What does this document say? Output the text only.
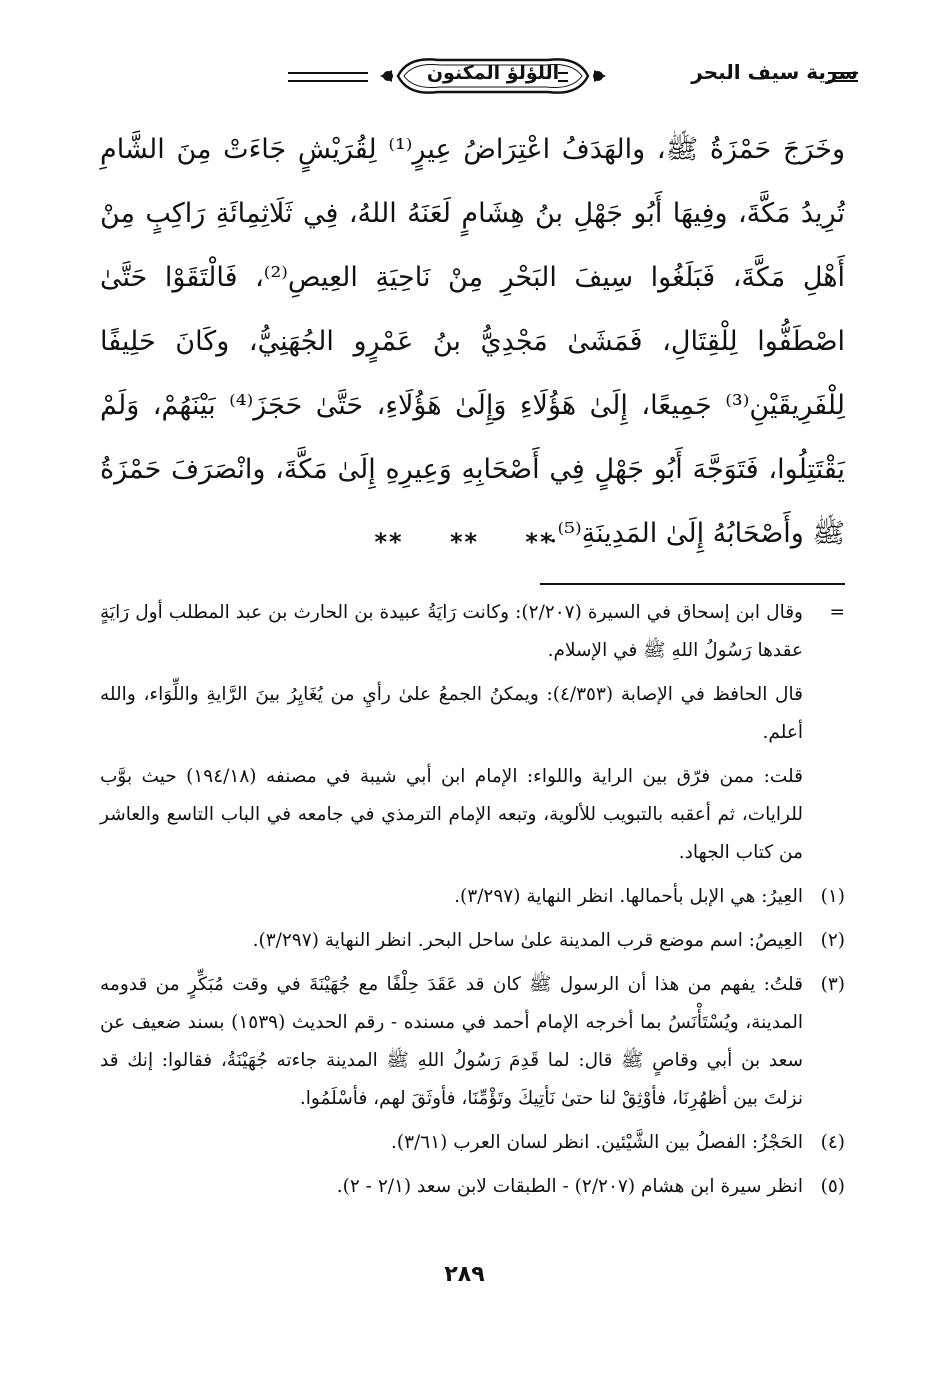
سرية سيف البحر
اللؤلؤ المكنون
وخَرَجَ حَمْزَةُ ﷺ، والهَدَفُ اعْتِرَاضُ عِيرٍ⁽¹⁾ لِقُرَيْشٍ جَاءَتْ مِنَ الشَّامِ تُرِيدُ مَكَّةَ، وفِيهَا أَبُو جَهْلِ بنُ هِشَامٍ لَعَنَهُ اللهُ، فِي ثَلَاثِمِائَةِ رَاكِبٍ مِنْ أَهْلِ مَكَّةَ، فَبَلَغُوا سِيفَ البَحْرِ مِنْ نَاحِيَةِ العِيصِ⁽²⁾، فَالْتَقَوْا حَتَّىٰ اصْطَفُّوا لِلْقِتَالِ، فَمَشَىٰ مَجْدِيُّ بنُ عَمْرٍو الجُهَنِيُّ، وكَانَ حَلِيفًا لِلْفَرِيقَيْنِ⁽³⁾ جَمِيعًا، إِلَىٰ هَؤُلَاءِ وَإِلَىٰ هَؤُلَاءِ، حَتَّىٰ حَجَزَ⁽⁴⁾ بَيْنَهُمْ، وَلَمْ يَقْتَتِلُوا، فَتَوَجَّهَ أَبُو جَهْلٍ فِي أَصْحَابِهِ وَعِيرِهِ إِلَىٰ مَكَّةَ، وانْصَرَفَ حَمْزَةُ ﷺ وأَصْحَابُهُ إِلَىٰ المَدِينَةِ⁽⁵⁾.
** ** **
=
وقال ابن إسحاق في السيرة (٢/٢٠٧): وكانت رَايَةُ عبيدة بن الحارث بن عبد المطلب أول رَايَةٍ عقدها رَسُولُ اللهِ ﷺ في الإسلام.
قال الحافظ في الإصابة (٤/٣٥٣): ويمكنُ الجمعُ علىٰ رأيِ من يُغَايِرُ بينَ الرَّايةِ واللِّوَاء، والله أعلم.
قلت: ممن فرّق بين الراية واللواء: الإمام ابن أبي شيبة في مصنفه (١٩٤/١٨) حيث بوَّب للرايات، ثم أعقبه بالتبويب للألوية، وتبعه الإمام الترمذي في جامعه في الباب التاسع والعاشر من كتاب الجهاد.
(١)
العِيرُ: هي الإبل بأحمالها. انظر النهاية (٣/٢٩٧).
(٢)
العِيصُ: اسم موضع قرب المدينة علىٰ ساحل البحر. انظر النهاية (٣/٢٩٧).
(٣)
قلتُ: يفهم من هذا أن الرسول ﷺ كان قد عَقَدَ حِلْفًا مع جُهَيْنَةَ في وقت مُبَكِّرٍ من قدومه المدينة، ويُسْتَأْنَسُ بما أخرجه الإمام أحمد في مسنده - رقم الحديث (١٥٣٩) بسند ضعيف عن سعد بن أبي وقاصٍ ﷺ قال: لما قَدِمَ رَسُولُ اللهِ ﷺ المدينة جاءته جُهَيْنَةُ، فقالوا: إنك قد نزلتَ بين أظهُرِنَا، فأوْثِقْ لنا حتىٰ نَأتِيكَ وتَؤْمِّنَا، فأوثَقَ لهم، فأسْلَمُوا.
(٤)
الحَجْزُ: الفصلُ بين الشَّيْئين. انظر لسان العرب (٣/٦١).
(٥)
انظر سيرة ابن هشام (٢/٢٠٧) - الطبقات لابن سعد (٢/١ - ٢).
٢٨٩
